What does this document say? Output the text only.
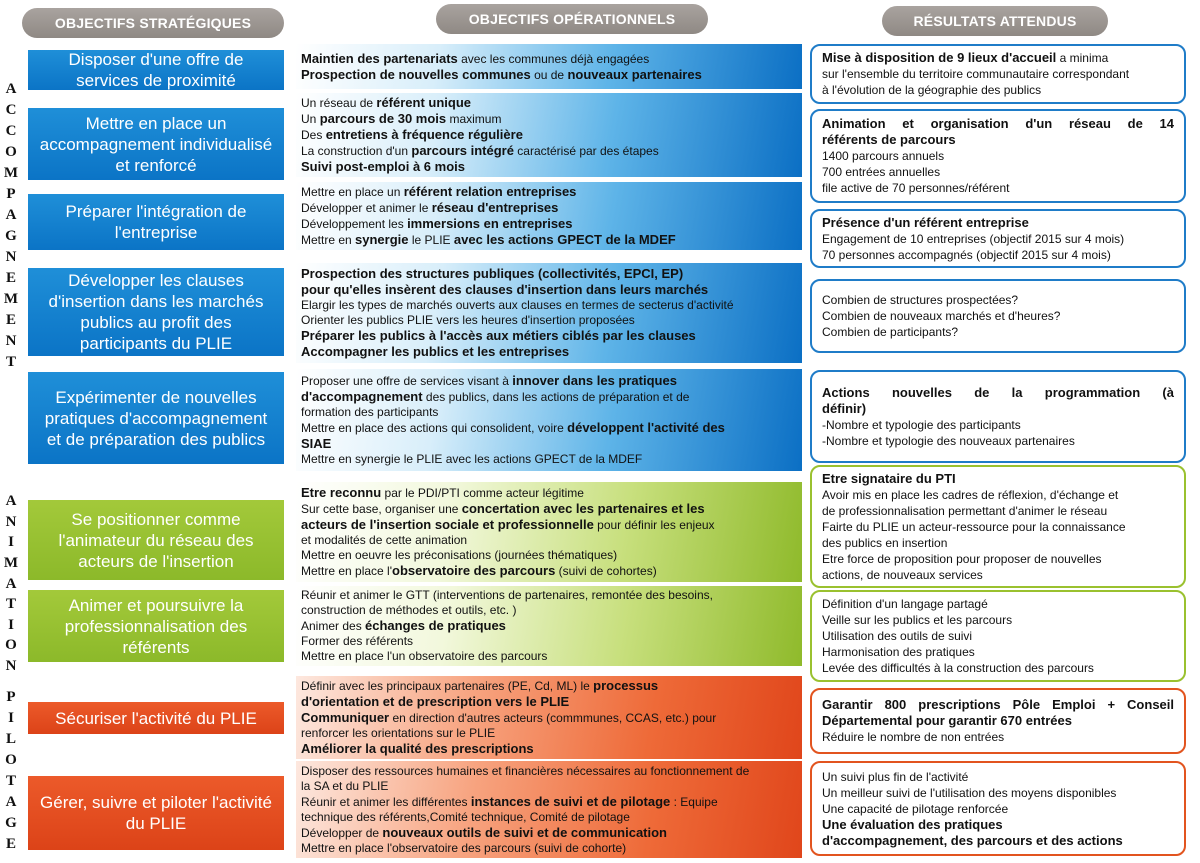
OBJECTIFS STRATÉGIQUES	OBJECTIFS OPÉRATIONNELS	RÉSULTATS ATTENDUS
A
C
C
O
M
P
A
G
N
E
M
E
N
T
A
N
I
M
A
T
I
O
N
P
I
L
O
T
A
G
E
Disposer d'une offre de services de proximité
Maintien des partenariats avec les communes déjà engagées
Prospection de nouvelles communes ou de nouveaux partenaires
Mise à disposition de 9 lieux d'accueil a minima
sur l'ensemble du territoire communautaire correspondant
à l'évolution de la géographie des publics
Mettre en place un accompagnement individualisé et renforcé
Un réseau de référent unique
Un parcours de 30 mois maximum
Des entretiens à fréquence régulière
La construction d'un parcours intégré caractérisé par des étapes
Suivi post-emploi à 6 mois
Animation et organisation d'un réseau de 14
référents de parcours
1400 parcours annuels
700 entrées annuelles
file active de 70 personnes/référent
Préparer l'intégration de l'entreprise
Mettre en place un référent relation entreprises
Développer et animer le réseau d'entreprises
Développement les immersions en entreprises
Mettre en synergie le PLIE avec les actions GPECT de la MDEF
Présence d'un référent entreprise
Engagement de 10 entreprises (objectif 2015 sur 4 mois)
70 personnes accompagnés (objectif 2015 sur 4 mois)
Développer les clauses d'insertion dans les marchés publics au profit des participants du PLIE
Prospection des structures publiques (collectivités, EPCI, EP)
pour qu'elles insèrent des clauses d'insertion dans leurs marchés
Elargir les types de marchés ouverts aux clauses en termes de secterus d'activité
Orienter les publics PLIE vers les heures d'insertion proposées
Préparer les publics à l'accès aux métiers ciblés par les clauses
Accompagner les publics et les entreprises
Combien de structures prospectées?
Combien de nouveaux marchés et d'heures?
Combien de participants?
Expérimenter de nouvelles pratiques d'accompagnement et de préparation des publics
Proposer une offre de services visant à innover dans les pratiques
d'accompagnement des publics, dans les actions de préparation et de
formation des participants
Mettre en place des actions qui consolident, voire développent l'activité des
SIAE
Mettre en synergie le PLIE avec les actions GPECT de la MDEF
Actions nouvelles de la programmation (à
définir)
-Nombre et typologie des participants
-Nombre et typologie des nouveaux partenaires
Se positionner comme l'animateur du réseau des acteurs de l'insertion
Etre reconnu par le PDI/PTI comme acteur légitime
Sur cette base, organiser une concertation avec les partenaires et les
acteurs de l'insertion sociale et professionnelle pour définir les enjeux
et modalités de cette animation
Mettre en oeuvre les préconisations (journées thématiques)
Mettre en place l'observatoire des parcours (suivi de cohortes)
Etre signataire du PTI
Avoir mis en place les cadres de réflexion, d'échange et
de professionnalisation permettant d'animer le réseau
Fairte du PLIE un acteur-ressource pour la connaissance
des publics en insertion
Etre force de proposition pour proposer de nouvelles
actions, de nouveaux services
Animer et poursuivre la professionnalisation des référents
Réunir et animer le GTT (interventions de partenaires, remontée des besoins,
construction de méthodes et outils, etc. )
Animer des échanges de pratiques
Former des référents
Mettre en place l'un observatoire des parcours
Définition d'un langage partagé
Veille sur les publics et les parcours
Utilisation des outils de suivi
Harmonisation des pratiques
Levée des difficultés à la construction des parcours
Sécuriser l'activité du PLIE
Définir avec les principaux partenaires (PE, Cd, ML) le processus
d'orientation et de prescription vers le PLIE
Communiquer en direction d'autres acteurs (commmunes, CCAS, etc.) pour
renforcer les orientations sur le PLIE
Améliorer la qualité des prescriptions
Garantir 800 prescriptions Pôle Emploi + Conseil
Départemental pour garantir 670 entrées
Réduire le nombre de non entrées
Gérer, suivre et piloter l'activité du PLIE
Disposer des ressources humaines et financières nécessaires au fonctionnement de
la SA et du PLIE
Réunir et animer les différentes instances de suivi et de pilotage : Equipe
technique des référents,Comité technique, Comité de pilotage
Développer de nouveaux outils de suivi et de communication
Mettre en place l'observatoire des parcours (suivi de cohorte)
Un suivi plus fin de l'activité
Un meilleur suivi de l'utilisation des moyens disponibles
Une capacité de pilotage renforcée
Une évaluation des pratiques
d'accompagnement, des parcours et des actions
